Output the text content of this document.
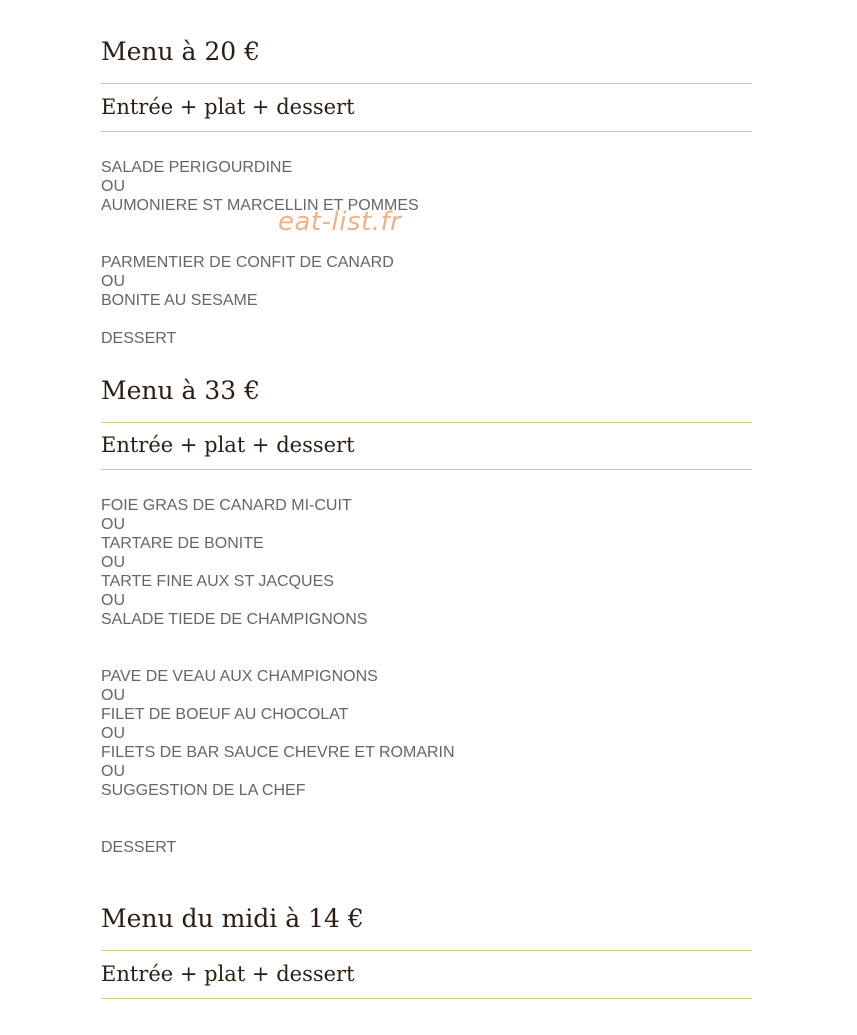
Menu à 20 €
Entrée + plat + dessert
SALADE PERIGOURDINE
OU
AUMONIERE ST MARCELLIN ET POMMES
PARMENTIER DE CONFIT DE CANARD
OU
BONITE AU SESAME
DESSERT
Menu à 33 €
Entrée + plat + dessert
FOIE GRAS DE CANARD MI-CUIT
OU
TARTARE DE BONITE
OU
TARTE FINE AUX ST JACQUES
OU
SALADE TIEDE DE CHAMPIGNONS
PAVE DE VEAU AUX CHAMPIGNONS
OU
FILET DE BOEUF AU CHOCOLAT
OU
FILETS DE BAR SAUCE CHEVRE ET ROMARIN
OU
SUGGESTION DE LA CHEF
DESSERT
Menu du midi à 14 €
Entrée + plat + dessert
eat-list.fr
